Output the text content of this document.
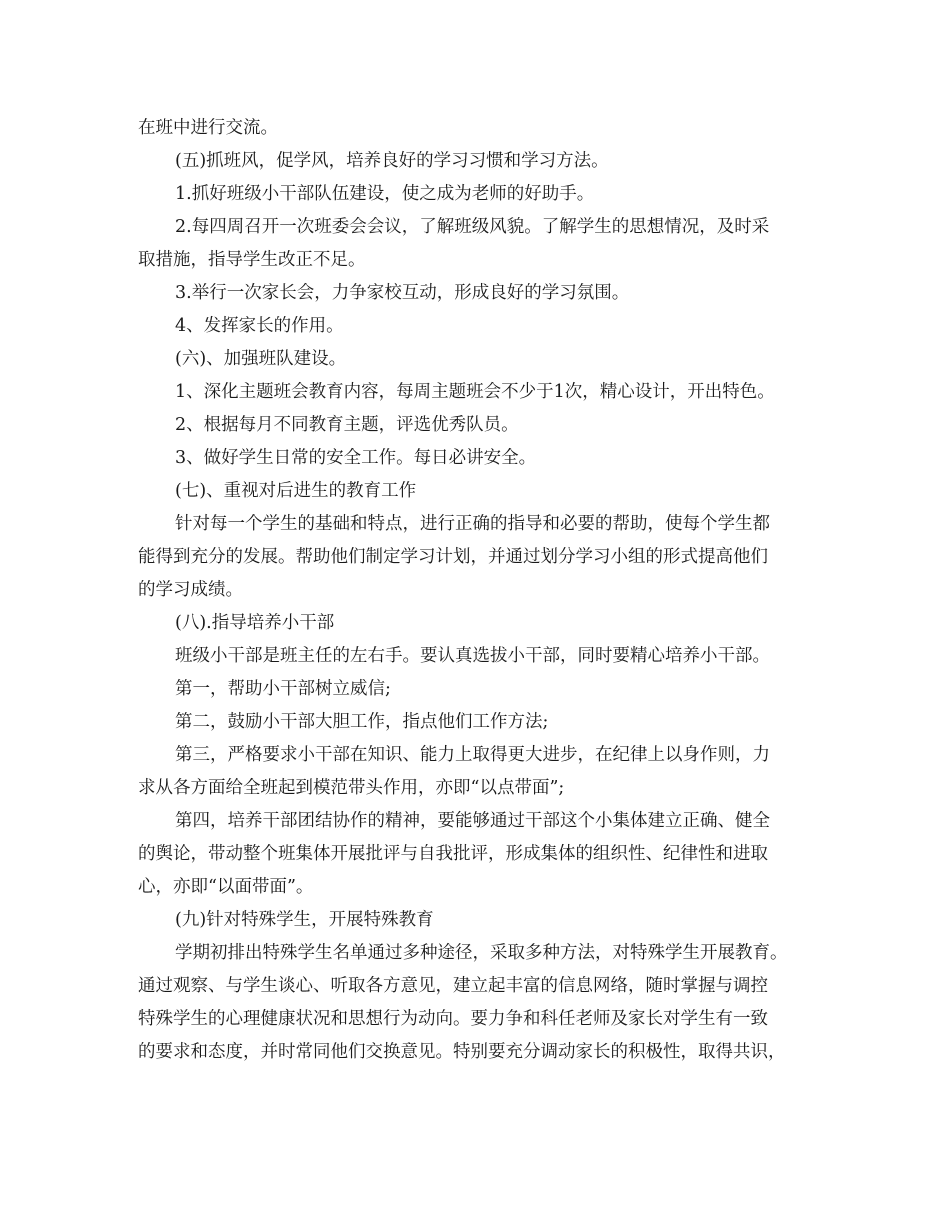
在班中进行交流。
(五)抓班风，促学风，培养良好的学习习惯和学习方法。
1.抓好班级小干部队伍建设，使之成为老师的好助手。
2.每四周召开一次班委会会议，了解班级风貌。了解学生的思想情况，及时采
取措施，指导学生改正不足。
3.举行一次家长会，力争家校互动，形成良好的学习氛围。
4、发挥家长的作用。
(六)、加强班队建设。
1、深化主题班会教育内容，每周主题班会不少于1次，精心设计，开出特色。
2、根据每月不同教育主题，评选优秀队员。
3、做好学生日常的安全工作。每日必讲安全。
(七)、重视对后进生的教育工作
针对每一个学生的基础和特点，进行正确的指导和必要的帮助，使每个学生都
能得到充分的发展。帮助他们制定学习计划，并通过划分学习小组的形式提高他们
的学习成绩。
(八).指导培养小干部
班级小干部是班主任的左右手。要认真选拔小干部，同时要精心培养小干部。
第一，帮助小干部树立威信;
第二，鼓励小干部大胆工作，指点他们工作方法;
第三，严格要求小干部在知识、能力上取得更大进步，在纪律上以身作则，力
求从各方面给全班起到模范带头作用，亦即“以点带面”;
第四，培养干部团结协作的精神，要能够通过干部这个小集体建立正确、健全
的舆论，带动整个班集体开展批评与自我批评，形成集体的组织性、纪律性和进取
心，亦即“以面带面”。
(九)针对特殊学生，开展特殊教育
学期初排出特殊学生名单通过多种途径，采取多种方法，对特殊学生开展教育。
通过观察、与学生谈心、听取各方意见，建立起丰富的信息网络，随时掌握与调控
特殊学生的心理健康状况和思想行为动向。要力争和科任老师及家长对学生有一致
的要求和态度，并时常同他们交换意见。特别要充分调动家长的积极性，取得共识，
